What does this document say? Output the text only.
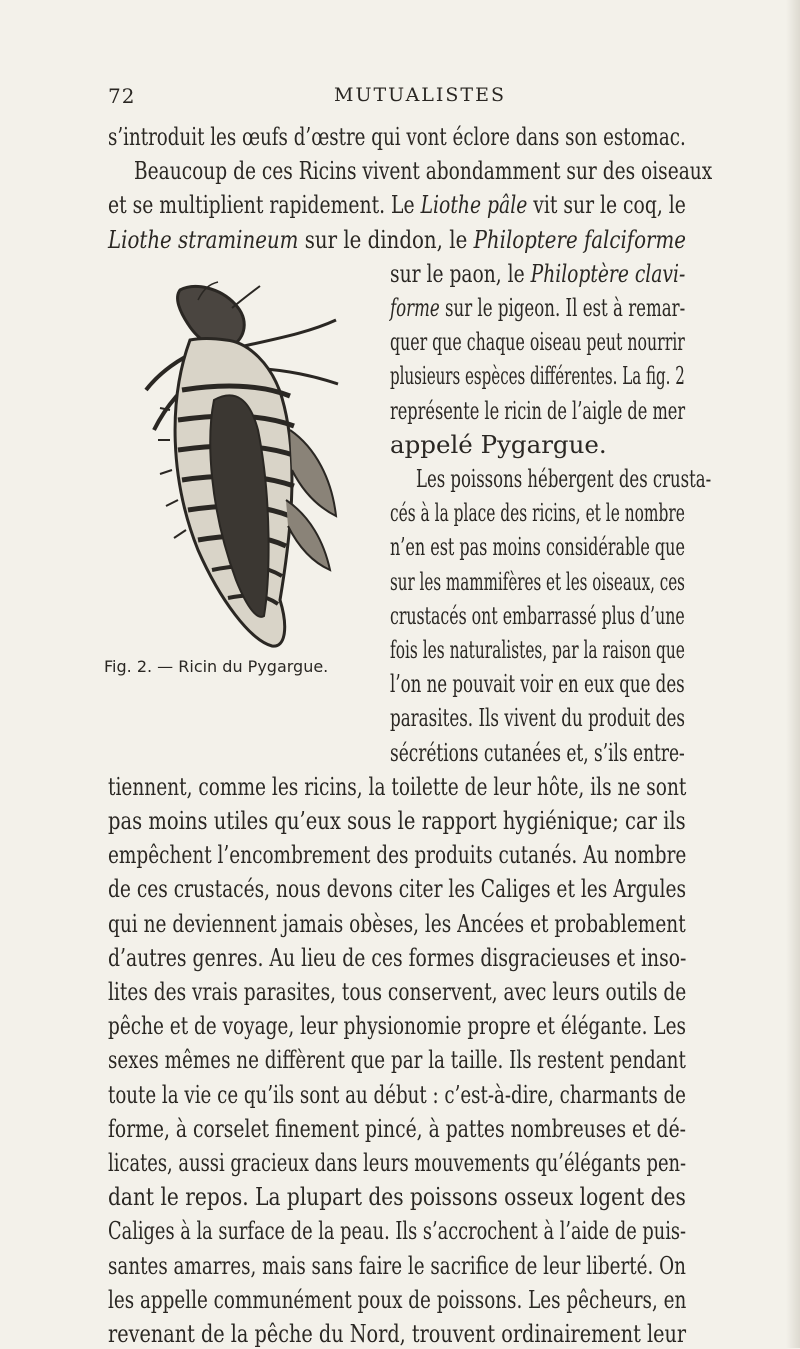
72	MUTUALISTES
s’introduit les œufs d’œstre qui vont éclore dans son estomac.
Beaucoup de ces Ricins vivent abondamment sur des oiseaux
et se multiplient rapidement. Le Liothe pâle vit sur le coq, le
Liothe stramineum sur le dindon, le Philoptere falciforme
sur le paon, le Philoptère clavi-
forme sur le pigeon. Il est à remar-
quer que chaque oiseau peut nourrir
plusieurs espèces différentes. La fig. 2
représente le ricin de l’aigle de mer
appelé Pygargue.
Les poissons hébergent des crusta-
cés à la place des ricins, et le nombre
n’en est pas moins considérable que
sur les mammifères et les oiseaux, ces
crustacés ont embarrassé plus d’une
fois les naturalistes, par la raison que
l’on ne pouvait voir en eux que des
parasites. Ils vivent du produit des
sécrétions cutanées et, s’ils entre-
tiennent, comme les ricins, la toilette de leur hôte, ils ne sont
pas moins utiles qu’eux sous le rapport hygiénique; car ils
empêchent l’encombrement des produits cutanés. Au nombre
de ces crustacés, nous devons citer les Caliges et les Argules
qui ne deviennent jamais obèses, les Ancées et probablement
d’autres genres. Au lieu de ces formes disgracieuses et inso-
lites des vrais parasites, tous conservent, avec leurs outils de
pêche et de voyage, leur physionomie propre et élégante. Les
sexes mêmes ne diffèrent que par la taille. Ils restent pendant
toute la vie ce qu’ils sont au début : c’est-à-dire, charmants de
forme, à corselet finement pincé, à pattes nombreuses et dé-
licates, aussi gracieux dans leurs mouvements qu’élégants pen-
dant le repos. La plupart des poissons osseux logent des
Caliges à la surface de la peau. Ils s’accrochent à l’aide de puis-
santes amarres, mais sans faire le sacrifice de leur liberté. On
les appelle communément poux de poissons. Les pêcheurs, en
revenant de la pêche du Nord, trouvent ordinairement leur
Fig. 2. — Ricin du Pygargue.
